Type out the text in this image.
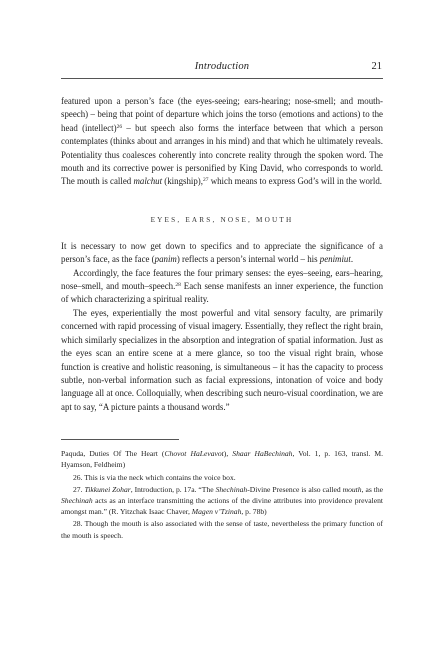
Introduction	21

featured upon a person’s face (the eyes-seeing; ears-hearing; nose-smell; and mouth-speech) – being that point of departure which joins the torso (emotions and actions) to the head (intellect)$^{26}$ – but speech also forms the interface between that which a person contemplates (thinks about and arranges in his mind) and that which he ultimately reveals. Potentiality thus coalesces coherently into concrete reality through the spoken word. The mouth and its corrective power is personified by King David, who corresponds to world. The mouth is called malchut (kingship),$^{27}$ which means to express God’s will in the world.

EYES, EARS, NOSE, MOUTH

It is necessary to now get down to specifics and to appreciate the significance of a person’s face, as the face (panim) reflects a person’s internal world – his penimiut.

Accordingly, the face features the four primary senses: the eyes–seeing, ears–hearing, nose–smell, and mouth–speech.$^{28}$ Each sense manifests an inner experience, the function of which characterizing a spiritual reality.

The eyes, experientially the most powerful and vital sensory faculty, are primarily concerned with rapid processing of visual imagery. Essentially, they reflect the right brain, which similarly specializes in the absorption and integration of spatial information. Just as the eyes scan an entire scene at a mere glance, so too the visual right brain, whose function is creative and holistic reasoning, is simultaneous – it has the capacity to process subtle, non-verbal information such as facial expressions, intonation of voice and body language all at once. Colloquially, when describing such neuro-visual coordination, we are apt to say, “A picture paints a thousand words.”

Paquda, Duties Of The Heart (Chovot HaLevavot), Shaar HaBechinah, Vol. 1, p. 163, transl. M. Hyamson, Feldheim)

26. This is via the neck which contains the voice box.

27. Tikkunei Zohar, Introduction, p. 17a. “The Shechinah-Divine Presence is also called mouth, as the Shechinah acts as an interface transmitting the actions of the divine attributes into providence prevalent amongst man.” (R. Yitzchak Isaac Chaver, Magen v’Tzinah, p. 78b)

28. Though the mouth is also associated with the sense of taste, nevertheless the primary function of the mouth is speech.
